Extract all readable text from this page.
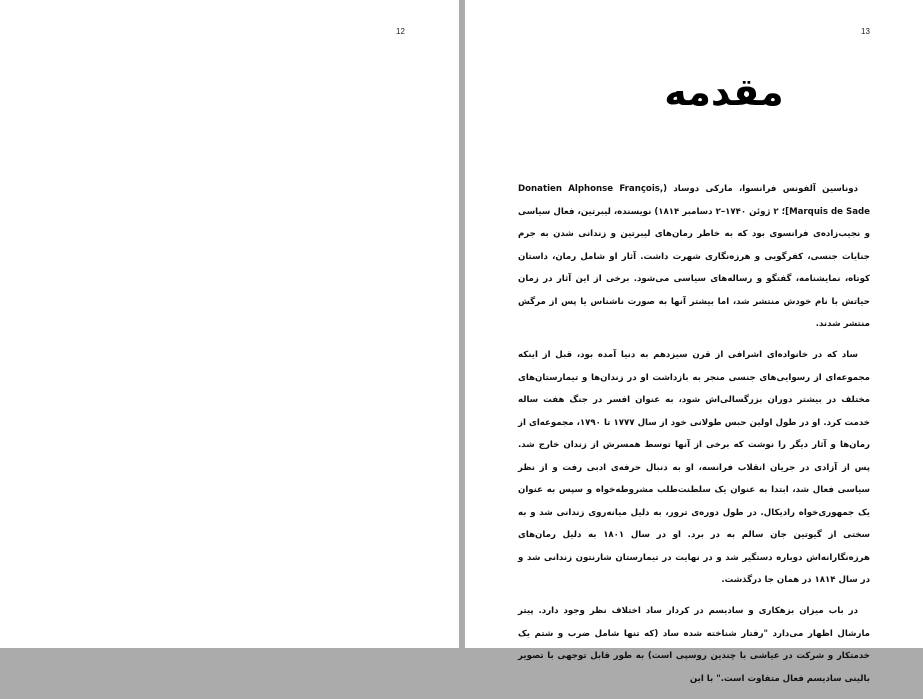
12	13
مقدمه

دوناسین آلفونس فرانسوا، مارکی دوساد (Donatien Alphonse François, Marquis de Sade]؛ ۲ ژوئن ۱۷۴۰–۲ دسامبر ۱۸۱۴) نویسنده، لیبرتین، فعال سیاسی و نجیب‌زاده‌ی فرانسوی بود که به خاطر رمان‌های لیبرتین و زندانی شدن به جرم جنایات جنسی، کفرگویی و هرزه‌نگاری شهرت داشت. آثار او شامل رمان، داستان کوتاه، نمایشنامه، گفتگو و رساله‌های سیاسی می‌شود. برخی از این آثار در زمان حیاتش با نام خودش منتشر شد، اما بیشتر آنها به صورت ناشناس یا پس از مرگش منتشر شدند.

ساد که در خانواده‌ای اشرافی از قرن سیزدهم به دنیا آمده بود، قبل از اینکه مجموعه‌ای از رسوایی‌های جنسی منجر به بازداشت او در زندان‌ها و تیمارستان‌های مختلف در بیشتر دوران بزرگسالی‌اش شود، به عنوان افسر در جنگ هفت ساله خدمت کرد. او در طول اولین حبس طولانی خود از سال ۱۷۷۷ تا ۱۷۹۰، مجموعه‌ای از رمان‌ها و آثار دیگر را نوشت که برخی از آنها توسط همسرش از زندان خارج شد. پس از آزادی در جریان انقلاب فرانسه، او به دنبال حرفه‌ی ادبی رفت و از نظر سیاسی فعال شد، ابتدا به عنوان یک سلطنت‌طلب مشروطه‌خواه و سپس به عنوان یک جمهوری‌خواه رادیکال. در طول دوره‌ی ترور، به دلیل میانه‌روی زندانی شد و به سختی از گیوتین جان سالم به در برد. او در سال ۱۸۰۱ به دلیل رمان‌های هرزه‌نگارانه‌اش دوباره دستگیر شد و در نهایت در تیمارستان شارنتون زندانی شد و در سال ۱۸۱۴ در همان جا درگذشت.

در باب میزان بزهکاری و سادیسم در کردار ساد اختلاف نظر وجود دارد. پیتر مارشال اظهار می‌دارد "رفتار شناخته شده ساد (که تنها شامل ضرب و شتم یک خدمتکار و شرکت در عیاشی با چندین روسپی است) به طور قابل توجهی با تصویر بالینی سادیسم فعال متفاوت است." با این
